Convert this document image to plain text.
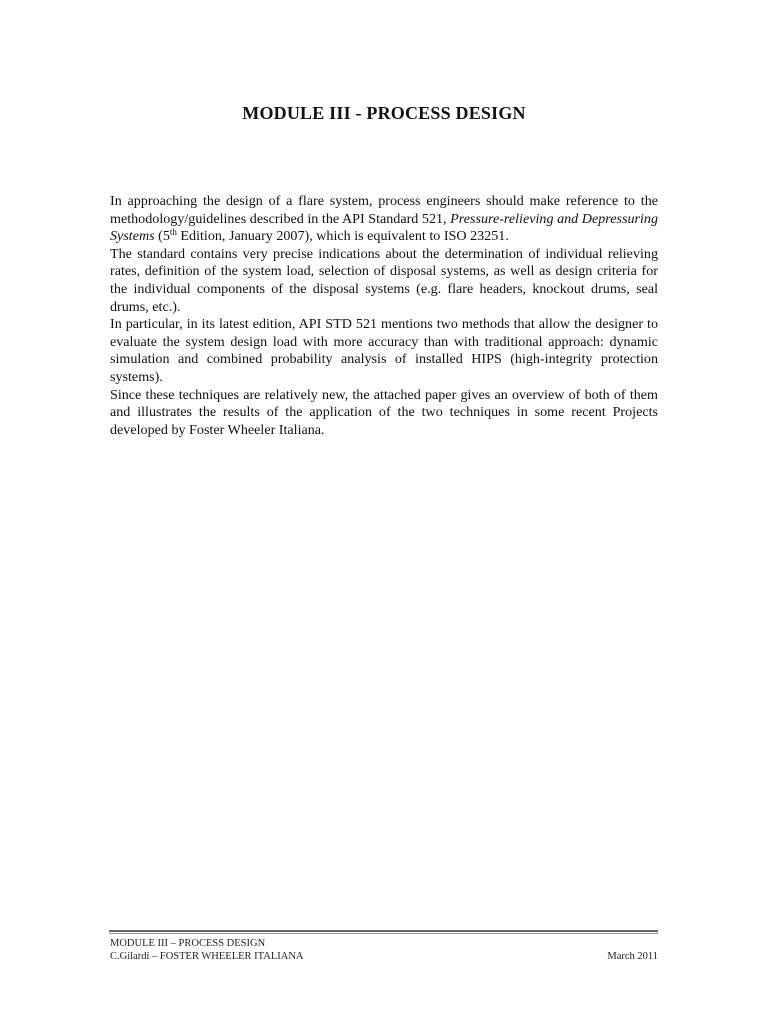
MODULE III - PROCESS DESIGN

In approaching the design of a flare system, process engineers should make reference to the methodology/guidelines described in the API Standard 521, Pressure-relieving and Depressuring Systems (5th Edition, January 2007), which is equivalent to ISO 23251.

The standard contains very precise indications about the determination of individual relieving rates, definition of the system load, selection of disposal systems, as well as design criteria for the individual components of the disposal systems (e.g. flare headers, knockout drums, seal drums, etc.).

In particular, in its latest edition, API STD 521 mentions two methods that allow the designer to evaluate the system design load with more accuracy than with traditional approach: dynamic simulation and combined probability analysis of installed HIPS (high-integrity protection systems).

Since these techniques are relatively new, the attached paper gives an overview of both of them and illustrates the results of the application of the two techniques in some recent Projects developed by Foster Wheeler Italiana.

MODULE III – PROCESS DESIGN
C.Gilardi – FOSTER WHEELER ITALIANA	March 2011
